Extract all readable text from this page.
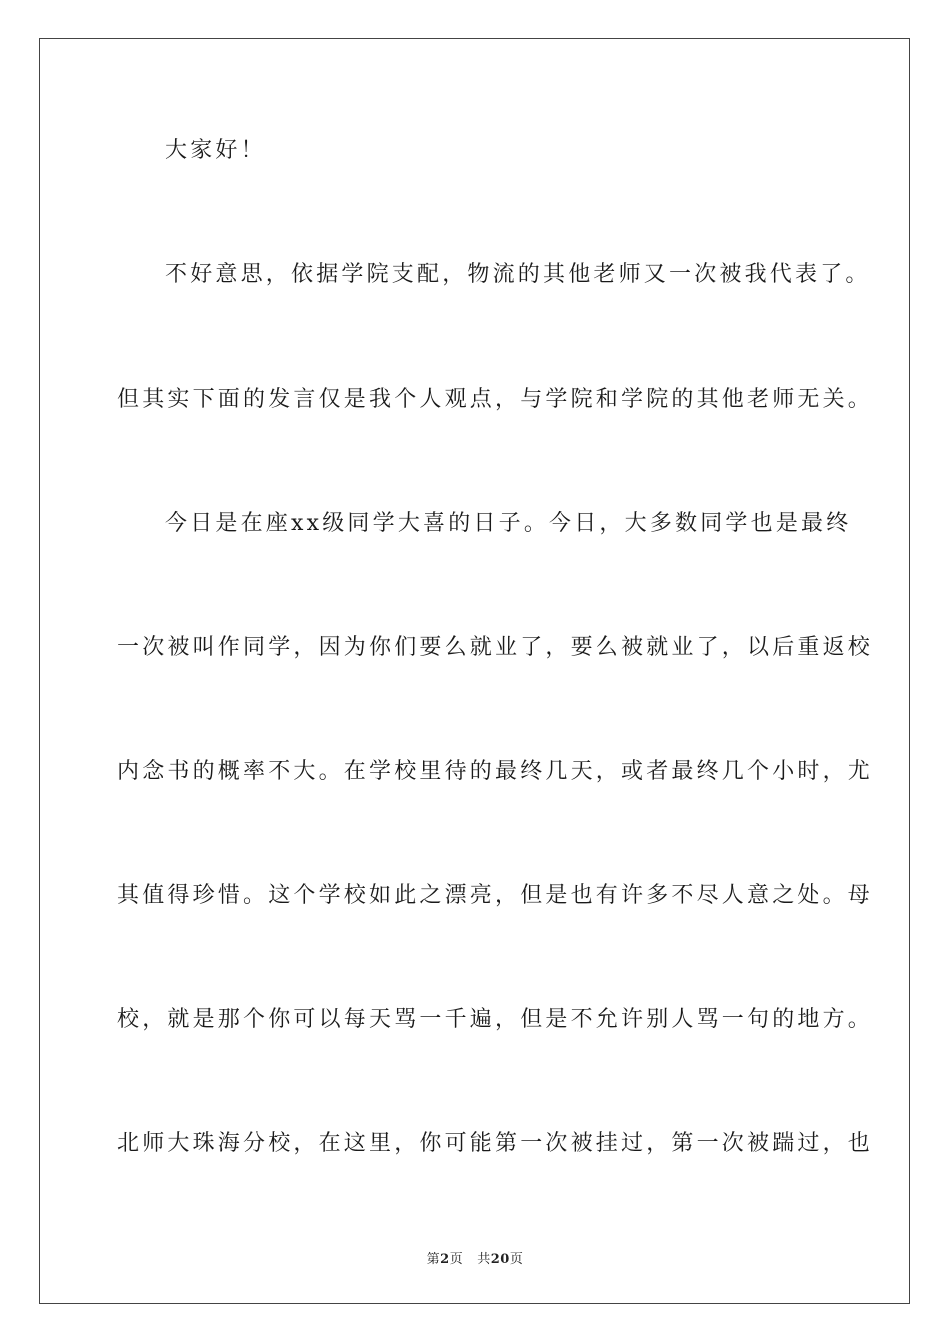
大家好！
不好意思，依据学院支配，物流的其他老师又一次被我代表了。
但其实下面的发言仅是我个人观点，与学院和学院的其他老师无关。
今日是在座xx级同学大喜的日子。今日，大多数同学也是最终
一次被叫作同学，因为你们要么就业了，要么被就业了，以后重返校
内念书的概率不大。在学校里待的最终几天，或者最终几个小时，尤
其值得珍惜。这个学校如此之漂亮，但是也有许多不尽人意之处。母
校，就是那个你可以每天骂一千遍，但是不允许别人骂一句的地方。
北师大珠海分校，在这里，你可能第一次被挂过，第一次被踹过，也
第2页 共20页
